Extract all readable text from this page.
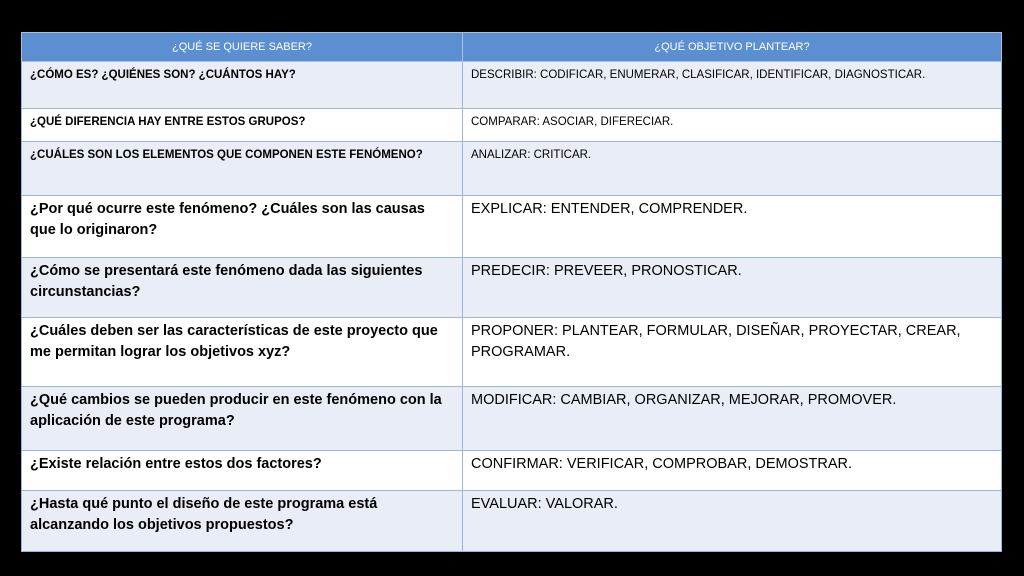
¿QUÉ SE QUIERE SABER?	¿QUÉ OBJETIVO PLANTEAR?
¿CÓMO ES? ¿QUIÉNES SON? ¿CUÁNTOS HAY?	DESCRIBIR: CODIFICAR, ENUMERAR, CLASIFICAR, IDENTIFICAR, DIAGNOSTICAR.
¿QUÉ DIFERENCIA HAY ENTRE ESTOS GRUPOS?	COMPARAR: ASOCIAR, DIFERECIAR.
¿CUÁLES SON LOS ELEMENTOS QUE COMPONEN ESTE FENÓMENO?	ANALIZAR: CRITICAR.
¿Por qué ocurre este fenómeno? ¿Cuáles son las causas que lo originaron?	EXPLICAR: ENTENDER, COMPRENDER.
¿Cómo se presentará este fenómeno dada las siguientes circunstancias?	PREDECIR: PREVEER, PRONOSTICAR.
¿Cuáles deben ser las características de este proyecto que me permitan lograr los objetivos xyz?	PROPONER: PLANTEAR, FORMULAR, DISEÑAR, PROYECTAR, CREAR, PROGRAMAR.
¿Qué cambios se pueden producir en este fenómeno con la aplicación de este programa?	MODIFICAR: CAMBIAR, ORGANIZAR, MEJORAR, PROMOVER.
¿Existe relación entre estos dos factores?	CONFIRMAR: VERIFICAR, COMPROBAR, DEMOSTRAR.
¿Hasta qué punto el diseño de este programa está alcanzando los objetivos propuestos?	EVALUAR: VALORAR.
